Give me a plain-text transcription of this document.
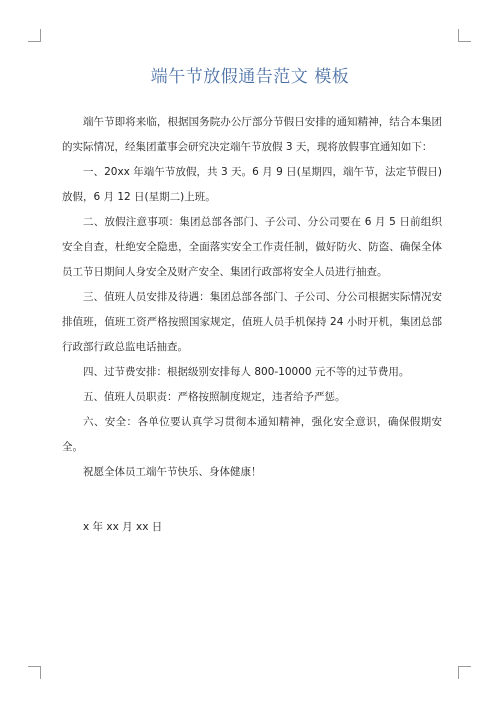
端午节放假通告范文 模板

端午节即将来临，根据国务院办公厅部分节假日安排的通知精神，结合本集团的实际情况，经集团董事会研究决定端午节放假 3 天，现将放假事宜通知如下：

一、20xx 年端午节放假，共 3 天。6 月 9 日(星期四，端午节，法定节假日)放假，6 月 12 日(星期二)上班。

二、放假注意事项：集团总部各部门、子公司、分公司要在 6 月 5 日前组织安全自查，杜绝安全隐患，全面落实安全工作责任制，做好防火、防盗、确保全体员工节日期间人身安全及财产安全、集团行政部将安全人员进行抽查。

三、值班人员安排及待遇：集团总部各部门、子公司、分公司根据实际情况安排值班，值班工资严格按照国家规定，值班人员手机保持 24 小时开机，集团总部行政部行政总监电话抽查。

四、过节费安排：根据级别安排每人 800-10000 元不等的过节费用。

五、值班人员职责：严格按照制度规定，违者给予严惩。

六、安全：各单位要认真学习贯彻本通知精神，强化安全意识，确保假期安全。

祝愿全体员工端午节快乐、身体健康！

x 年 xx 月 xx 日
